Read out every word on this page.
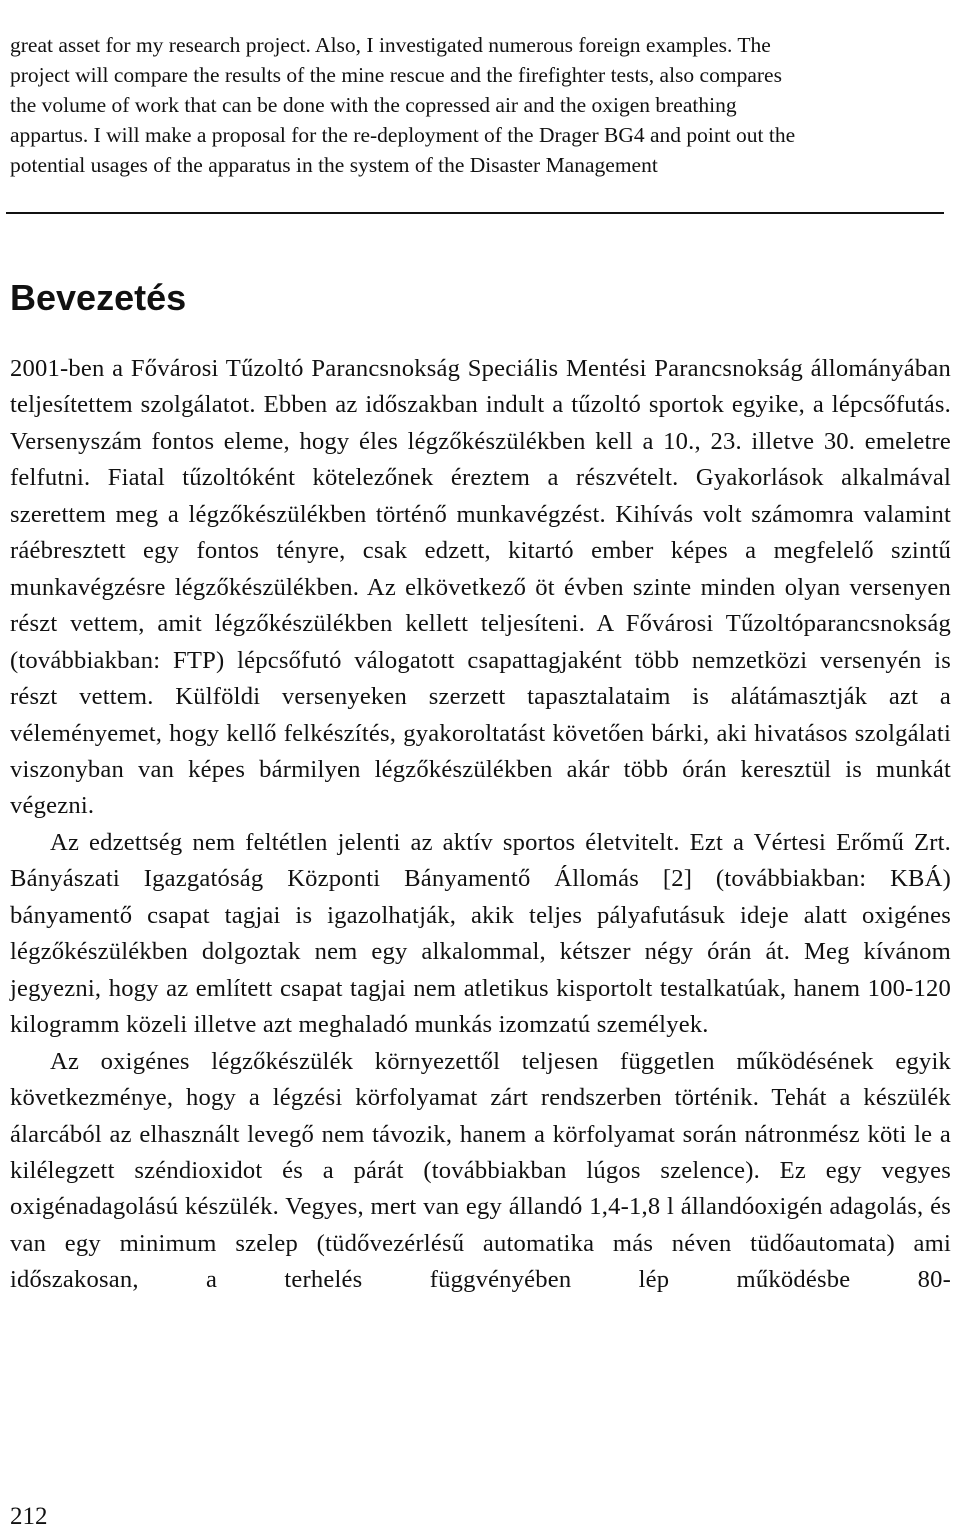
great asset for my research project. Also, I investigated numerous foreign examples. The
project will compare the results of the mine rescue and the firefighter tests, also compares
the volume of work that can be done with the copressed air and the oxigen breathing
appartus. I will make a proposal for the re-deployment of the Drager BG4 and point out the
potential usages of the apparatus in the system of the Disaster Management
Bevezetés

2001-ben a Fővárosi Tűzoltó Parancsnokság Speciális Mentési Parancsnokság állományában teljesítettem szolgálatot. Ebben az időszakban indult a tűzoltó sportok egyike, a lépcsőfutás. Versenyszám fontos eleme, hogy éles légzőkészülékben kell a 10., 23. illetve 30. emeletre felfutni. Fiatal tűzoltóként kötelezőnek éreztem a részvételt. Gyakorlások alkalmával szerettem meg a légzőkészülékben történő munkavégzést. Kihívás volt számomra valamint ráébresztett egy fontos tényre, csak edzett, kitartó ember képes a megfelelő szintű munkavégzésre légzőkészülékben. Az elkövetkező öt évben szinte minden olyan versenyen részt vettem, amit légzőkészülékben kellett teljesíteni. A Fővárosi Tűzoltóparancsnokság (továbbiakban: FTP) lépcsőfutó válogatott csapattagjaként több nemzetközi versenyén is részt vettem. Külföldi versenyeken szerzett tapasztalataim is alátámasztják azt a véleményemet, hogy kellő felkészítés, gyakoroltatást követően bárki, aki hivatásos szolgálati viszonyban van képes bármilyen légzőkészülékben akár több órán keresztül is munkát végezni.

Az edzettség nem feltétlen jelenti az aktív sportos életvitelt. Ezt a Vértesi Erőmű Zrt. Bányászati Igazgatóság Központi Bányamentő Állomás [2] (továbbiakban: KBÁ) bányamentő csapat tagjai is igazolhatják, akik teljes pályafutásuk ideje alatt oxigénes légzőkészülékben dolgoztak nem egy alkalommal, kétszer négy órán át. Meg kívánom jegyezni, hogy az említett csapat tagjai nem atletikus kisportolt testalkatúak, hanem 100-120 kilogramm közeli illetve azt meghaladó munkás izomzatú személyek.

Az oxigénes légzőkészülék környezettől teljesen független működésének egyik következménye, hogy a légzési körfolyamat zárt rendszerben történik. Tehát a készülék álarcából az elhasznált levegő nem távozik, hanem a körfolyamat során nátronmész köti le a kilélegzett széndioxidot és a párát (továbbiakban lúgos szelence). Ez egy vegyes oxigénadagolású készülék. Vegyes, mert van egy állandó 1,4-1,8 l állandóoxigén adagolás, és van egy minimum szelep (tüdővezérlésű automatika más néven tüdőautomata) ami időszakosan, a terhelés függvényében lép működésbe 80-

212
